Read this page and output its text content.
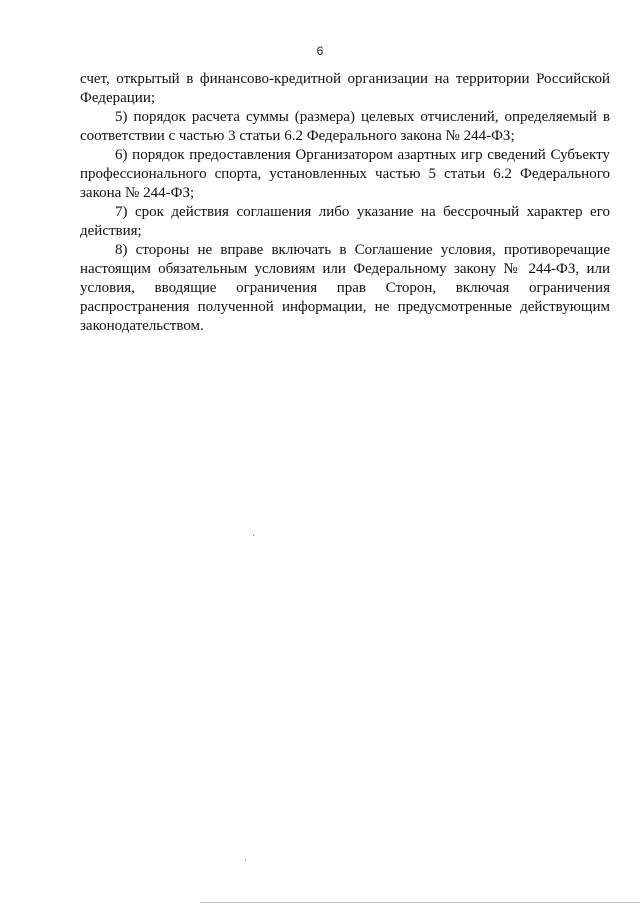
6

счет, открытый в финансово-кредитной организации на территории Российской Федерации;

5) порядок расчета суммы (размера) целевых отчислений, определяемый в соответствии с частью 3 статьи 6.2 Федерального закона № 244-ФЗ;

6) порядок предоставления Организатором азартных игр сведений Субъекту профессионального спорта, установленных частью 5 статьи 6.2 Федерального закона № 244-ФЗ;

7) срок действия соглашения либо указание на бессрочный характер его действия;

8) стороны не вправе включать в Соглашение условия, противоречащие настоящим обязательным условиям или Федеральному закону № 244-ФЗ, или условия, вводящие ограничения прав Сторон, включая ограничения распространения полученной информации, не предусмотренные действующим законодательством.
